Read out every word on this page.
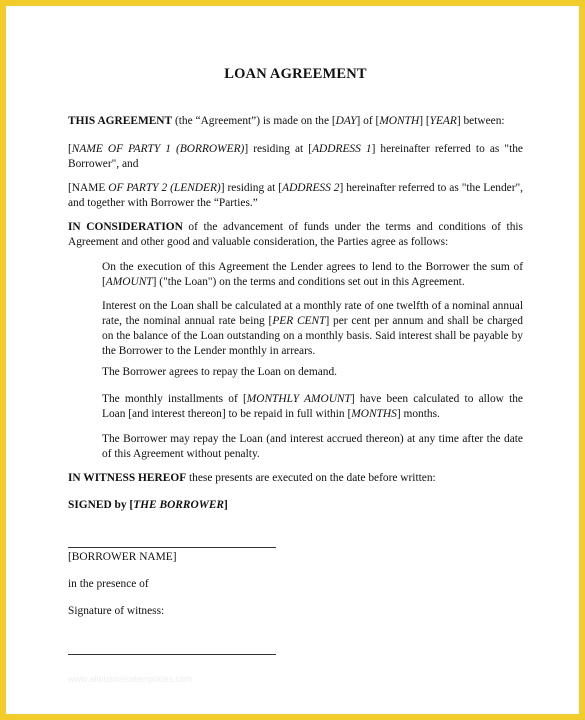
LOAN AGREEMENT
THIS AGREEMENT (the “Agreement”) is made on the [DAY] of [MONTH] [YEAR] between:
[NAME OF PARTY 1 (BORROWER)] residing at [ADDRESS 1] hereinafter referred to as "the Borrower", and
[NAME OF PARTY 2 (LENDER)] residing at [ADDRESS 2] hereinafter referred to as "the Lender", and together with Borrower the “Parties.”
IN CONSIDERATION of the advancement of funds under the terms and conditions of this Agreement and other good and valuable consideration, the Parties agree as follows:
On the execution of this Agreement the Lender agrees to lend to the Borrower the sum of [AMOUNT] ("the Loan") on the terms and conditions set out in this Agreement.
Interest on the Loan shall be calculated at a monthly rate of one twelfth of a nominal annual rate, the nominal annual rate being [PER CENT] per cent per annum and shall be charged on the balance of the Loan outstanding on a monthly basis. Said interest shall be payable by the Borrower to the Lender monthly in arrears.
The Borrower agrees to repay the Loan on demand.
The monthly installments of [MONTHLY AMOUNT] have been calculated to allow the Loan [and interest thereon] to be repaid in full within [MONTHS] months.
The Borrower may repay the Loan (and interest accrued thereon) at any time after the date of this Agreement without penalty.
IN WITNESS HEREOF these presents are executed on the date before written:
SIGNED by [THE BORROWER]
[BORROWER NAME]
in the presence of
Signature of witness:
www.allbusinesstemplates.com
